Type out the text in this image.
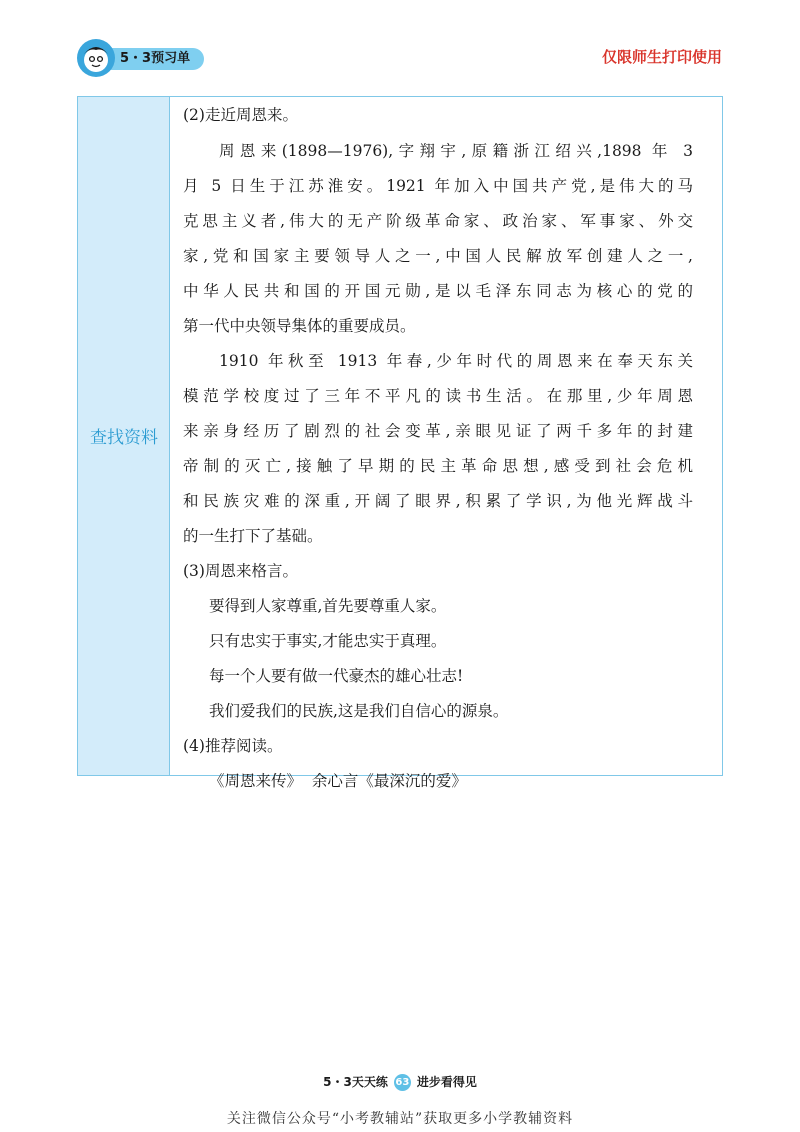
5・3预习单	仅限师生打印使用
查找资料
(2)走近周恩来。
周恩来(1898—1976),字翔宇,原籍浙江绍兴,1898 年 3
月 5 日生于江苏淮安。1921 年加入中国共产党,是伟大的马
克思主义者,伟大的无产阶级革命家、政治家、军事家、外交
家,党和国家主要领导人之一,中国人民解放军创建人之一,
中华人民共和国的开国元勋,是以毛泽东同志为核心的党的
第一代中央领导集体的重要成员。
1910 年秋至 1913 年春,少年时代的周恩来在奉天东关
模范学校度过了三年不平凡的读书生活。在那里,少年周恩
来亲身经历了剧烈的社会变革,亲眼见证了两千多年的封建
帝制的灭亡,接触了早期的民主革命思想,感受到社会危机
和民族灾难的深重,开阔了眼界,积累了学识,为他光辉战斗
的一生打下了基础。
(3)周恩来格言。
要得到人家尊重,首先要尊重人家。
只有忠实于事实,才能忠实于真理。
每一个人要有做一代豪杰的雄心壮志!
我们爱我们的民族,这是我们自信心的源泉。
(4)推荐阅读。
《周恩来传》  余心言《最深沉的爱》
5・3天天练 63 进步看得见
关注微信公众号“小考教辅站”获取更多小学教辅资料
